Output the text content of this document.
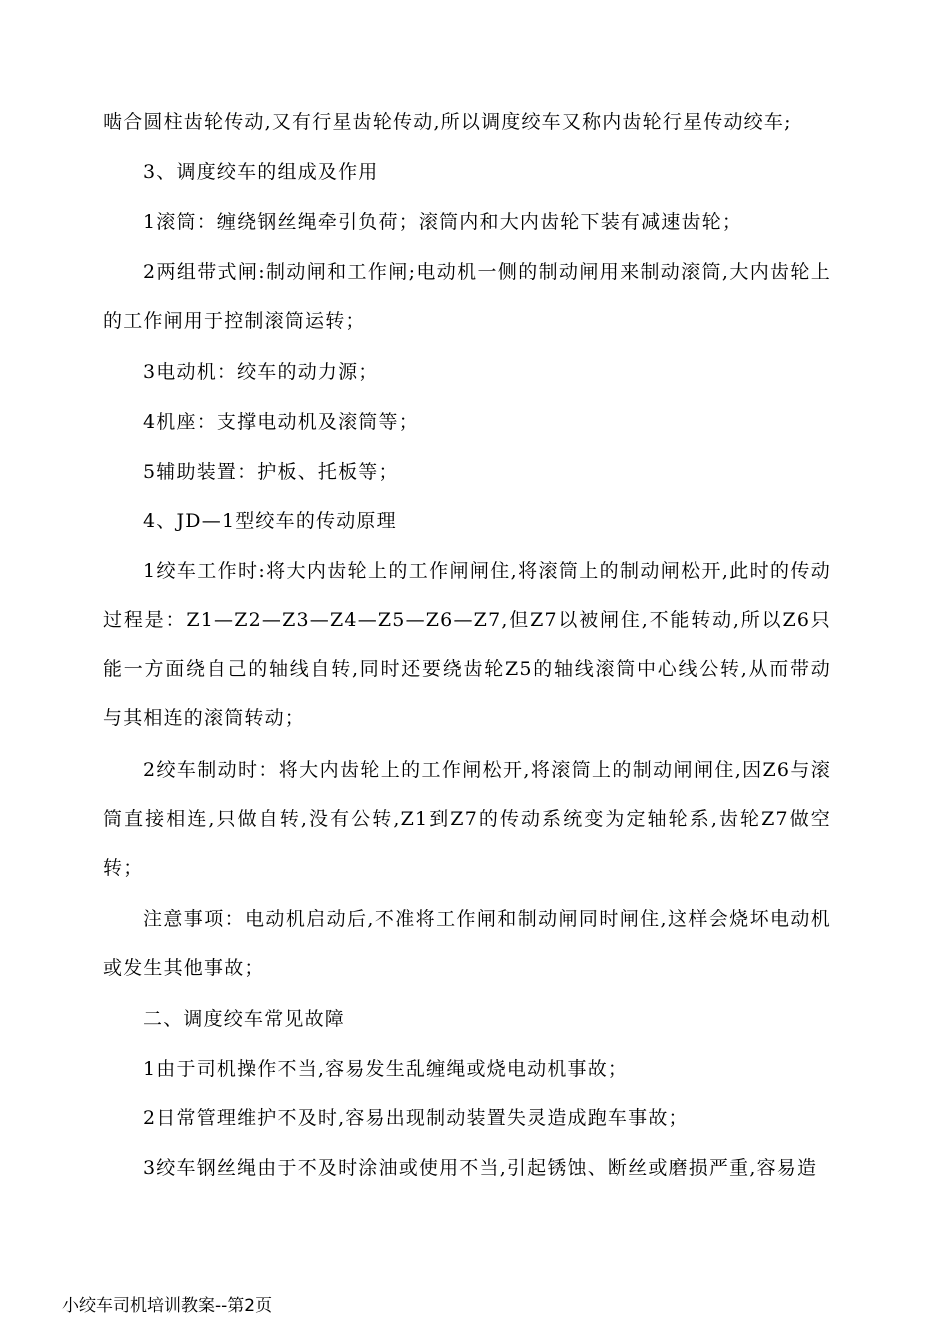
啮合圆柱齿轮传动,又有行星齿轮传动,所以调度绞车又称内齿轮行星传动绞车;

3、调度绞车的组成及作用

1滚筒：缠绕钢丝绳牵引负荷；滚筒内和大内齿轮下装有减速齿轮；

2两组带式闸:制动闸和工作闸;电动机一侧的制动闸用来制动滚筒,大内齿轮上的工作闸用于控制滚筒运转；

3电动机：绞车的动力源；

4机座：支撑电动机及滚筒等；

5辅助装置：护板、托板等；

4、JD—1型绞车的传动原理

1绞车工作时:将大内齿轮上的工作闸闸住,将滚筒上的制动闸松开,此时的传动过程是：Z1—Z2—Z3—Z4—Z5—Z6—Z7,但Z7以被闸住,不能转动,所以Z6只能一方面绕自己的轴线自转,同时还要绕齿轮Z5的轴线滚筒中心线公转,从而带动与其相连的滚筒转动；

2绞车制动时：将大内齿轮上的工作闸松开,将滚筒上的制动闸闸住,因Z6与滚筒直接相连,只做自转,没有公转,Z1到Z7的传动系统变为定轴轮系,齿轮Z7做空转；

注意事项：电动机启动后,不准将工作闸和制动闸同时闸住,这样会烧坏电动机或发生其他事故；

二、调度绞车常见故障

1由于司机操作不当,容易发生乱缠绳或烧电动机事故；

2日常管理维护不及时,容易出现制动装置失灵造成跑车事故；

3绞车钢丝绳由于不及时涂油或使用不当,引起锈蚀、断丝或磨损严重,容易造

小绞车司机培训教案--第2页
